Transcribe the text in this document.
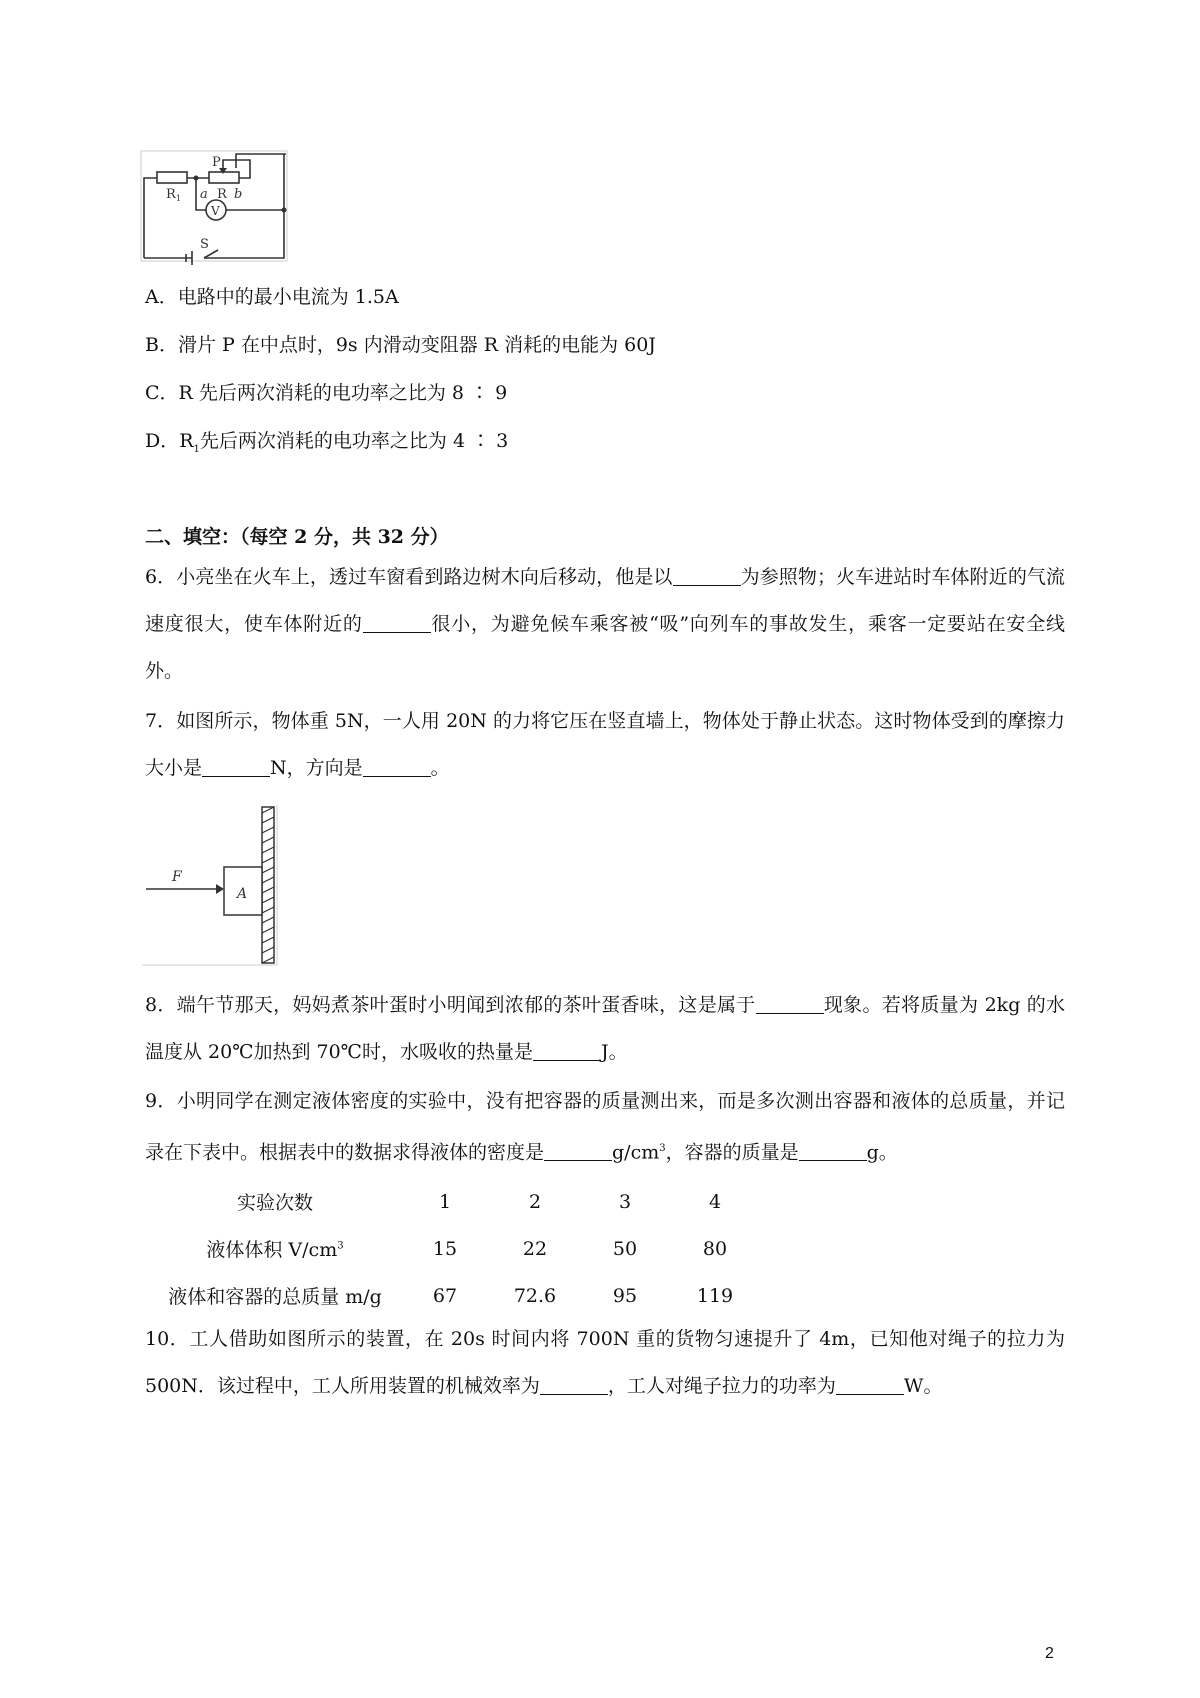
P
R 1 a R b
V
S
A．电路中的最小电流为 1.5A
B．滑片 P 在中点时，9s 内滑动变阻器 R 消耗的电能为 60J
C．R 先后两次消耗的电功率之比为 8 ∶ 9
D．$R_1$先后两次消耗的电功率之比为 4 ∶ 3
二、填空：（每空 2 分，共 32 分）
6．小亮坐在火车上，透过车窗看到路边树木向后移动，他是以	为参照物；火车进站时车体附近的气流速度很大，使车体附近的	很小，为避免候车乘客被“吸”向列车的事故发生，乘客一定要站在安全线外。
7．如图所示，物体重 5N，一人用 20N 的力将它压在竖直墙上，物体处于静止状态。这时物体受到的摩擦力大小是	N，方向是	。
F
A
8．端午节那天，妈妈煮茶叶蛋时小明闻到浓郁的茶叶蛋香味，这是属于	现象。若将质量为 2kg 的水温度从 20℃加热到 70℃时，水吸收的热量是	J。
9．小明同学在测定液体密度的实验中，没有把容器的质量测出来，而是多次测出容器和液体的总质量，并记录在下表中。根据表中的数据求得液体的密度是	$g/cm^3$，容器的质量是	g。
实验次数	1	2	3	4
液体体积 $V/cm^3$	15	22	50	80
液体和容器的总质量 m/g	67	72.6	95	119
10．工人借助如图所示的装置，在 20s 时间内将 700N 重的货物匀速提升了 4m，已知他对绳子的拉力为 500N．该过程中，工人所用装置的机械效率为	，工人对绳子拉力的功率为	W。
2
